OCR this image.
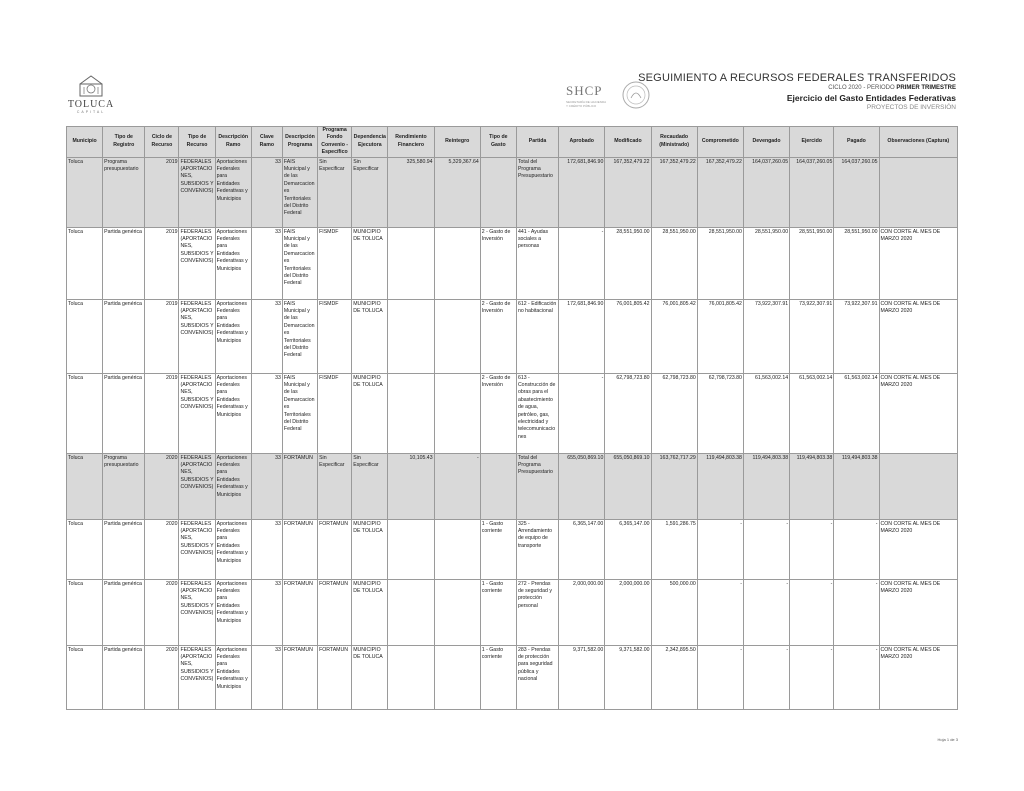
TOLUCA
CAPITAL
SHCP
SECRETARÍA DE HACIENDA Y CRÉDITO PÚBLICO
SEGUIMIENTO A RECURSOS FEDERALES TRANSFERIDOS
CICLO 2020 - PERIODO PRIMER TRIMESTRE
Ejercicio del Gasto Entidades Federativas
PROYECTOS DE INVERSIÓN
Municipio	Tipo de Registro	Ciclo de Recurso	Tipo de Recurso	Descripción Ramo	Clave Ramo	Descripción Programa	Programa Fondo Convenio - Específico	Dependencia Ejecutora	Rendimiento Financiero	Reintegro	Tipo de Gasto	Partida	Aprobado	Modificado	Recaudado (Ministrado)	Comprometido	Devengado	Ejercido	Pagado	Observaciones (Captura)
Toluca	Programa presupuestario	2019	FEDERALES (APORTACIONES, SUBSIDIOS Y CONVENIOS)	Aportaciones Federales para Entidades Federativas y Municipios	33	FAIS Municipal y de las Demarcaciones Territoriales del Distrito Federal	Sin Especificar	Sin Especificar	325,580.94	5,329,367.64		Total del Programa Presupuestario	172,681,846.90	167,352,479.22	167,352,479.22	167,352,479.22	164,037,260.05	164,037,260.05	164,037,260.05	
Toluca	Partida genérica	2019	FEDERALES (APORTACIONES, SUBSIDIOS Y CONVENIOS)	Aportaciones Federales para Entidades Federativas y Municipios	33	FAIS Municipal y de las Demarcaciones Territoriales del Distrito Federal	FISMDF	MUNICIPIO DE TOLUCA			2 - Gasto de Inversión	441 - Ayudas sociales a personas	-	28,551,950.00	28,551,950.00	28,551,950.00	28,551,950.00	28,551,950.00	28,551,950.00	CON CORTE AL MES DE MARZO 2020
Toluca	Partida genérica	2019	FEDERALES (APORTACIONES, SUBSIDIOS Y CONVENIOS)	Aportaciones Federales para Entidades Federativas y Municipios	33	FAIS Municipal y de las Demarcaciones Territoriales del Distrito Federal	FISMDF	MUNICIPIO DE TOLUCA			2 - Gasto de Inversión	612 - Edificación no habitacional	172,681,846.90	76,001,805.42	76,001,805.42	76,001,805.42	73,922,307.91	73,922,307.91	73,922,307.91	CON CORTE AL MES DE MARZO 2020
Toluca	Partida genérica	2019	FEDERALES (APORTACIONES, SUBSIDIOS Y CONVENIOS)	Aportaciones Federales para Entidades Federativas y Municipios	33	FAIS Municipal y de las Demarcaciones Territoriales del Distrito Federal	FISMDF	MUNICIPIO DE TOLUCA			2 - Gasto de Inversión	613 - Construcción de obras para el abastecimiento de agua, petróleo, gas, electricidad y telecomunicaciones	-	62,798,723.80	62,798,723.80	62,798,723.80	61,563,002.14	61,563,002.14	61,563,002.14	CON CORTE AL MES DE MARZO 2020
Toluca	Programa presupuestario	2020	FEDERALES (APORTACIONES, SUBSIDIOS Y CONVENIOS)	Aportaciones Federales para Entidades Federativas y Municipios	33	FORTAMUN	Sin Especificar	Sin Especificar	10,105.43	-		Total del Programa Presupuestario	655,050,869.10	655,050,869.10	163,762,717.29	119,494,803.38	119,494,803.38	119,494,803.38	119,494,803.38	
Toluca	Partida genérica	2020	FEDERALES (APORTACIONES, SUBSIDIOS Y CONVENIOS)	Aportaciones Federales para Entidades Federativas y Municipios	33	FORTAMUN	FORTAMUN	MUNICIPIO DE TOLUCA			1 - Gasto corriente	325 - Arrendamiento de equipo de transporte	6,365,147.00	6,365,147.00	1,591,286.75	-	-	-	-	CON CORTE AL MES DE MARZO 2020
Toluca	Partida genérica	2020	FEDERALES (APORTACIONES, SUBSIDIOS Y CONVENIOS)	Aportaciones Federales para Entidades Federativas y Municipios	33	FORTAMUN	FORTAMUN	MUNICIPIO DE TOLUCA			1 - Gasto corriente	272 - Prendas de seguridad y protección personal	2,000,000.00	2,000,000.00	500,000.00	-	-	-	-	CON CORTE AL MES DE MARZO 2020
Toluca	Partida genérica	2020	FEDERALES (APORTACIONES, SUBSIDIOS Y CONVENIOS)	Aportaciones Federales para Entidades Federativas y Municipios	33	FORTAMUN	FORTAMUN	MUNICIPIO DE TOLUCA			1 - Gasto corriente	283 - Prendas de protección para seguridad pública y nacional	9,371,582.00	9,371,582.00	2,342,895.50	-	-	-	-	CON CORTE AL MES DE MARZO 2020
Hoja 1 de 3
